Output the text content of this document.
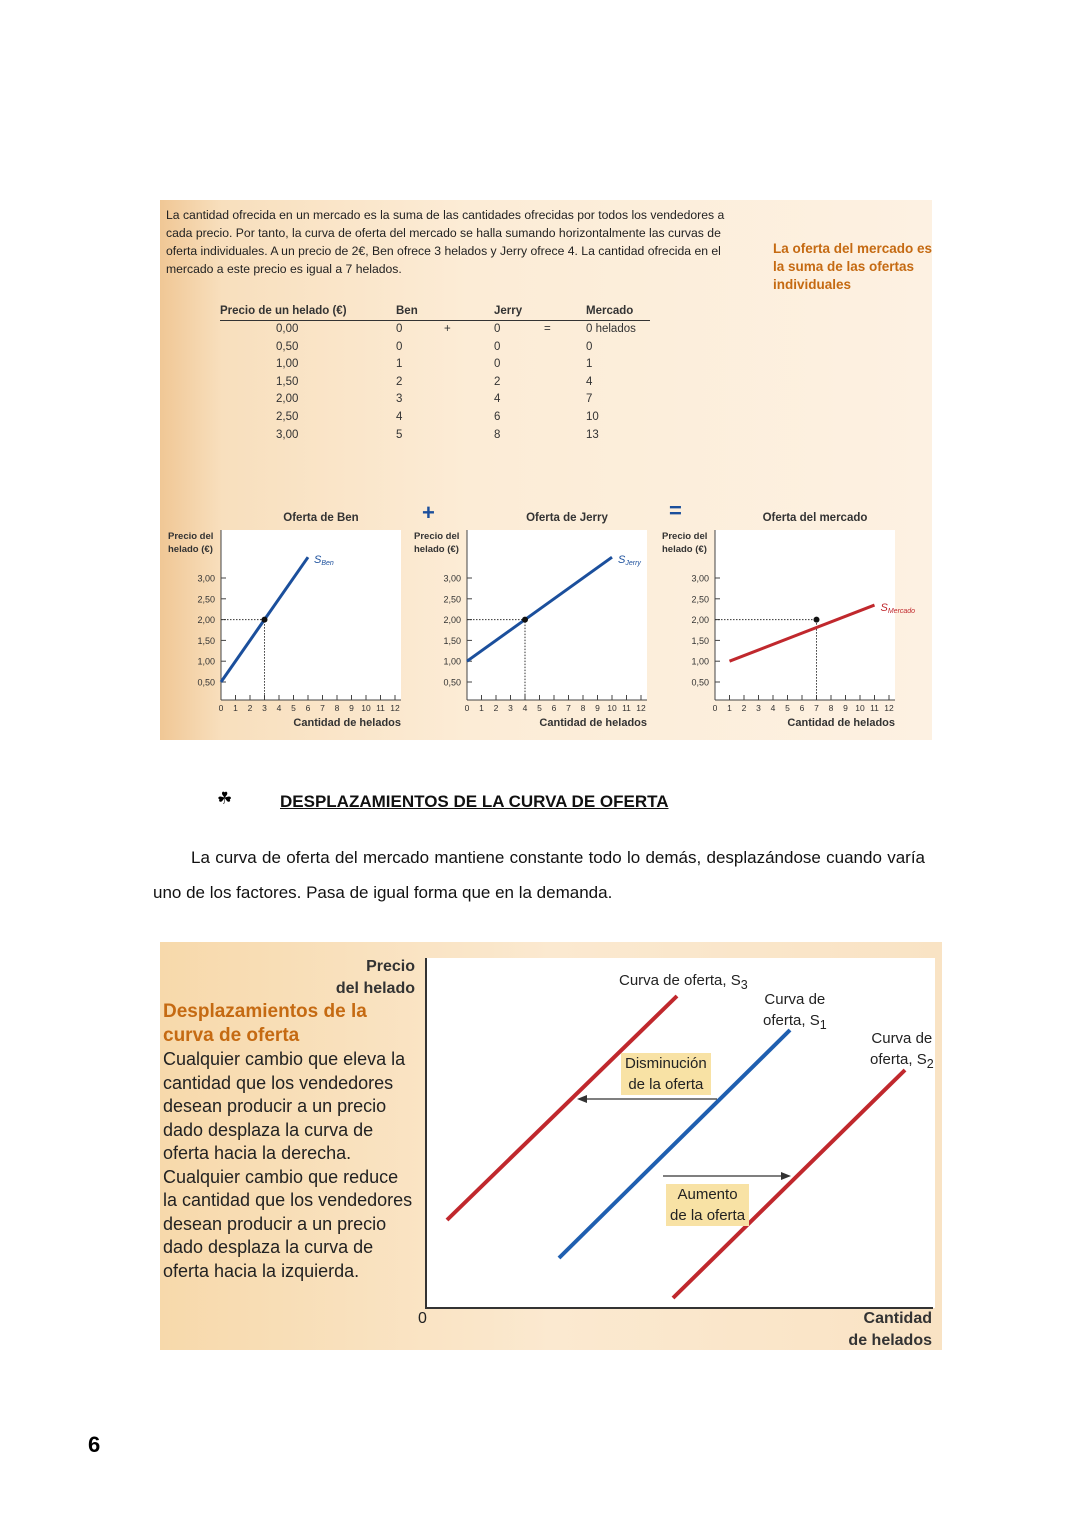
La cantidad ofrecida en un mercado es la suma de las cantidades ofrecidas por todos los vendedores a cada precio. Por tanto, la curva de oferta del mercado se halla sumando horizontalmente las curvas de oferta individuales. A un precio de 2€, Ben ofrece 3 helados y Jerry ofrece 4. La cantidad ofrecida en el mercado a este precio es igual a 7 helados.
La oferta del mercado es la suma de las ofertas individuales
Precio de un helado (€)	Ben		Jerry		Mercado
0,00	0	+	0	=	0 helados
0,50	0		0		0
1,00	1		0		1
1,50	2		2		4
2,00	3		4		7
2,50	4		6		10
3,00	5		8		13
+	=
Oferta de Ben
Precio del
helado (€)
3,00
2,50
2,00
1,50
1,00
0,50
0 1 2 3 4 5 6 7 8 9 10 11 12
Cantidad de helados
SBen
Oferta de Jerry
Precio del
helado (€)
3,00
2,50
2,00
1,50
1,00
0,50
0 1 2 3 4 5 6 7 8 9 10 11 12
Cantidad de helados
SJerry
Oferta del mercado
Precio del
helado (€)
3,00
2,50
2,00
1,50
1,00
0,50
0 1 2 3 4 5 6 7 8 9 10 11 12
Cantidad de helados
SMercado
☘	DESPLAZAMIENTOS DE LA CURVA DE OFERTA
La curva de oferta del mercado mantiene constante todo lo demás, desplazándose cuando varía uno de los factores. Pasa de igual forma que en la demanda.
Precio
del helado
Desplazamientos de la curva de oferta
Cualquier cambio que eleva la cantidad que los vendedores desean producir a un precio dado desplaza la curva de oferta hacia la derecha. Cualquier cambio que reduce la cantidad que los vendedores desean producir a un precio dado desplaza la curva de oferta hacia la izquierda.
0	Cantidad
de helados
Curva de oferta, $S_3$
Curva de
oferta, $S_1$
Curva de
oferta, $S_2$
Disminución
de la oferta
Aumento
de la oferta
6
